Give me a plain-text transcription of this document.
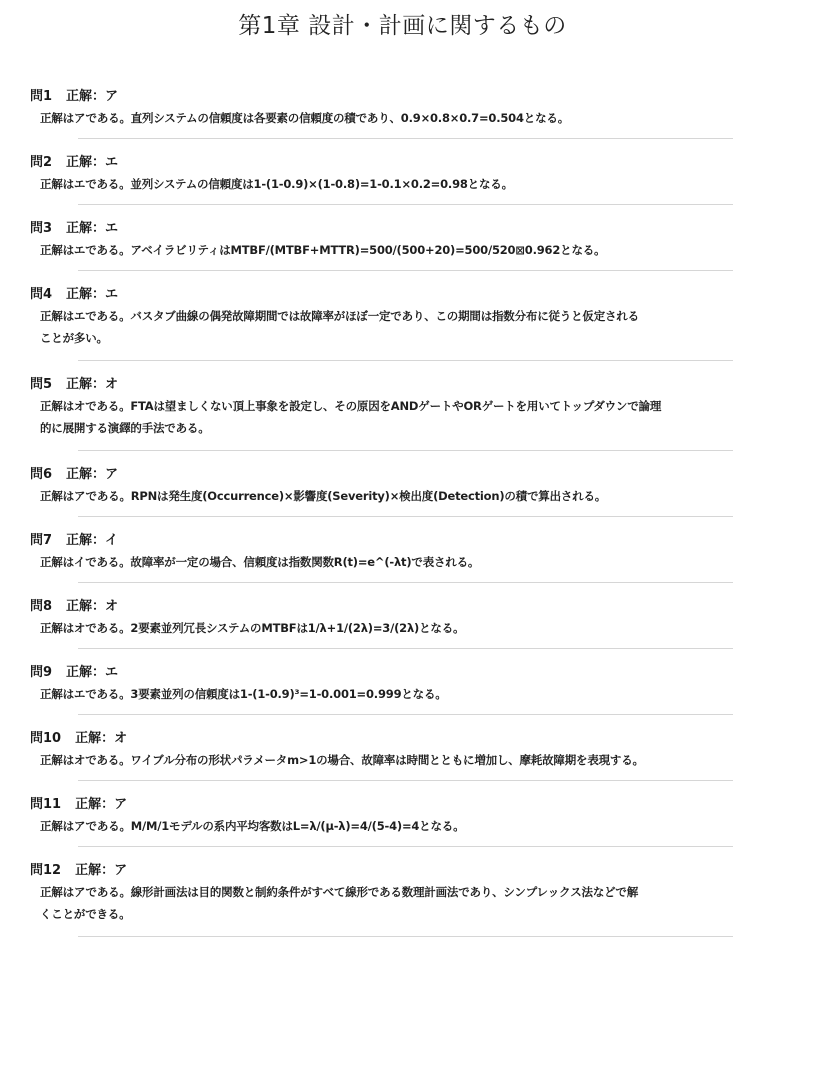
第1章 設計・計画に関するもの
問1 正解：ア
正解はアである。直列システムの信頼度は各要素の信頼度の積であり、0.9×0.8×0.7=0.504となる。
問2 正解：エ
正解はエである。並列システムの信頼度は1-(1-0.9)×(1-0.8)=1-0.1×0.2=0.98となる。
問3 正解：エ
正解はエである。アベイラビリティはMTBF/(MTBF+MTTR)=500/(500+20)=500/520⊠0.962となる。
問4 正解：エ
正解はエである。バスタブ曲線の偶発故障期間では故障率がほぼ一定であり、この期間は指数分布に従うと仮定される
ことが多い。
問5 正解：オ
正解はオである。FTAは望ましくない頂上事象を設定し、その原因をANDゲートやORゲートを用いてトップダウンで論理
的に展開する演繹的手法である。
問6 正解：ア
正解はアである。RPNは発生度(Occurrence)×影響度(Severity)×検出度(Detection)の積で算出される。
問7 正解：イ
正解はイである。故障率が一定の場合、信頼度は指数関数R(t)=e^(-λt)で表される。
問8 正解：オ
正解はオである。2要素並列冗長システムのMTBFは1/λ+1/(2λ)=3/(2λ)となる。
問9 正解：エ
正解はエである。3要素並列の信頼度は1-(1-0.9)³=1-0.001=0.999となる。
問10 正解：オ
正解はオである。ワイブル分布の形状パラメータm>1の場合、故障率は時間とともに増加し、摩耗故障期を表現する。
問11 正解：ア
正解はアである。M/M/1モデルの系内平均客数はL=λ/(μ-λ)=4/(5-4)=4となる。
問12 正解：ア
正解はアである。線形計画法は目的関数と制約条件がすべて線形である数理計画法であり、シンプレックス法などで解
くことができる。
